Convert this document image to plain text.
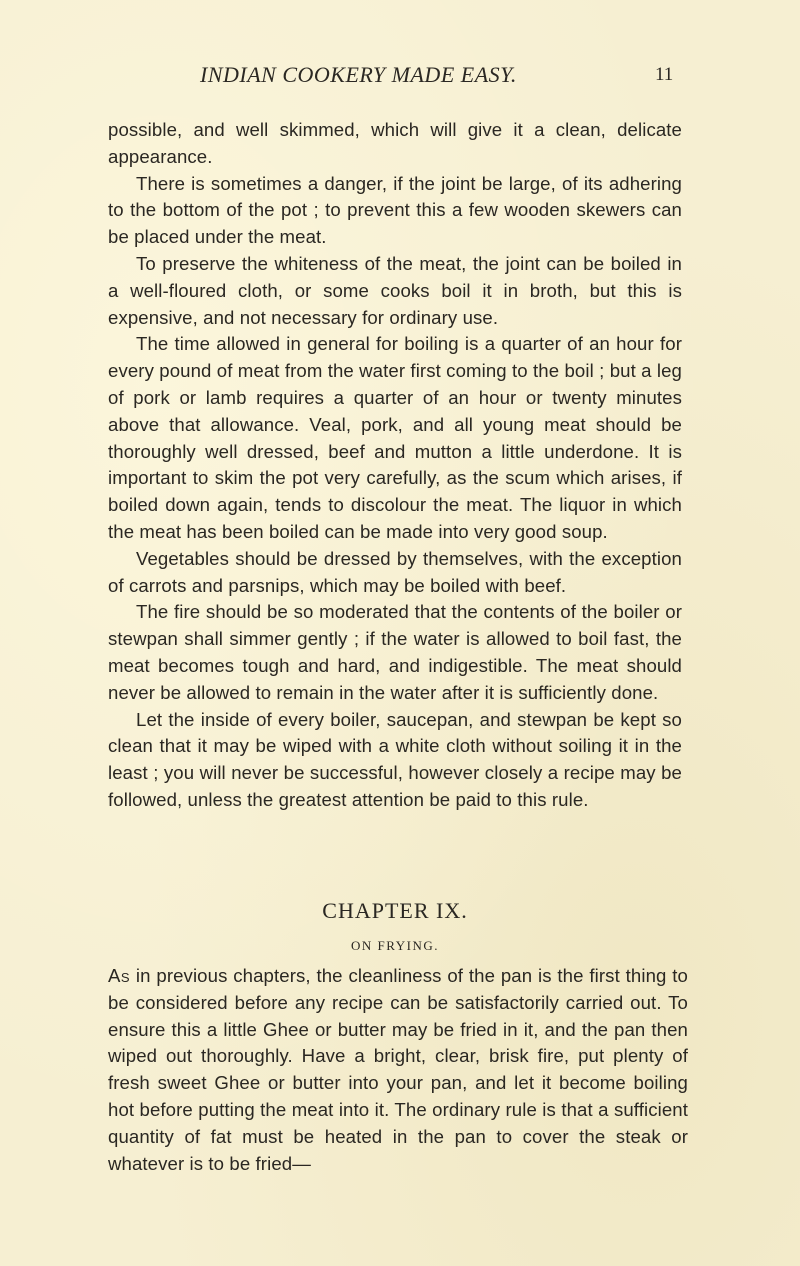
INDIAN COOKERY MADE EASY.	11

possible, and well skimmed, which will give it a clean, delicate appearance.

There is sometimes a danger, if the joint be large, of its adhering to the bottom of the pot ; to prevent this a few wooden skewers can be placed under the meat.

To preserve the whiteness of the meat, the joint can be boiled in a well-floured cloth, or some cooks boil it in broth, but this is expensive, and not necessary for ordinary use.

The time allowed in general for boiling is a quarter of an hour for every pound of meat from the water first coming to the boil ; but a leg of pork or lamb requires a quarter of an hour or twenty minutes above that allowance. Veal, pork, and all young meat should be thoroughly well dressed, beef and mutton a little underdone. It is important to skim the pot very carefully, as the scum which arises, if boiled down again, tends to discolour the meat. The liquor in which the meat has been boiled can be made into very good soup.

Vegetables should be dressed by themselves, with the exception of carrots and parsnips, which may be boiled with beef.

The fire should be so moderated that the contents of the boiler or stewpan shall simmer gently ; if the water is allowed to boil fast, the meat becomes tough and hard, and indigestible. The meat should never be allowed to remain in the water after it is sufficiently done.

Let the inside of every boiler, saucepan, and stewpan be kept so clean that it may be wiped with a white cloth without soiling it in the least ; you will never be successful, however closely a recipe may be followed, unless the greatest attention be paid to this rule.

CHAPTER IX.
ON FRYING.

As in previous chapters, the cleanliness of the pan is the first thing to be considered before any recipe can be satisfactorily carried out. To ensure this a little Ghee or butter may be fried in it, and the pan then wiped out thoroughly. Have a bright, clear, brisk fire, put plenty of fresh sweet Ghee or butter into your pan, and let it become boiling hot before putting the meat into it. The ordinary rule is that a sufficient quantity of fat must be heated in the pan to cover the steak or whatever is to be fried—
